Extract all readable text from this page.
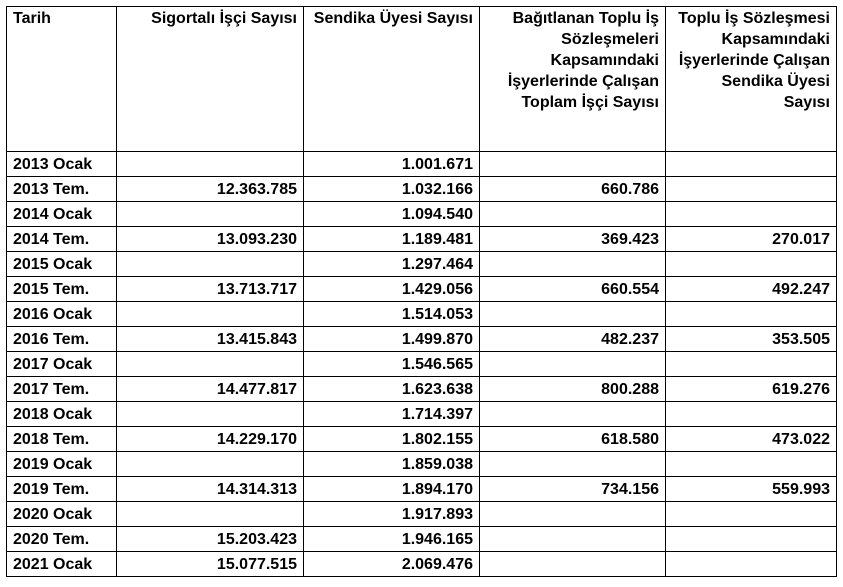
Tarih	Sigortalı İşçi Sayısı	Sendika Üyesi Sayısı	Bağıtlanan Toplu İş Sözleşmeleri Kapsamındaki İşyerlerinde Çalışan Toplam İşçi Sayısı	Toplu İş Sözleşmesi Kapsamındaki İşyerlerinde Çalışan Sendika Üyesi Sayısı
2013 Ocak		1.001.671		
2013 Tem.	12.363.785	1.032.166	660.786	
2014 Ocak		1.094.540		
2014 Tem.	13.093.230	1.189.481	369.423	270.017
2015 Ocak		1.297.464		
2015 Tem.	13.713.717	1.429.056	660.554	492.247
2016 Ocak		1.514.053		
2016 Tem.	13.415.843	1.499.870	482.237	353.505
2017 Ocak		1.546.565		
2017 Tem.	14.477.817	1.623.638	800.288	619.276
2018 Ocak		1.714.397		
2018 Tem.	14.229.170	1.802.155	618.580	473.022
2019 Ocak		1.859.038		
2019 Tem.	14.314.313	1.894.170	734.156	559.993
2020 Ocak		1.917.893		
2020 Tem.	15.203.423	1.946.165		
2021 Ocak	15.077.515	2.069.476		
